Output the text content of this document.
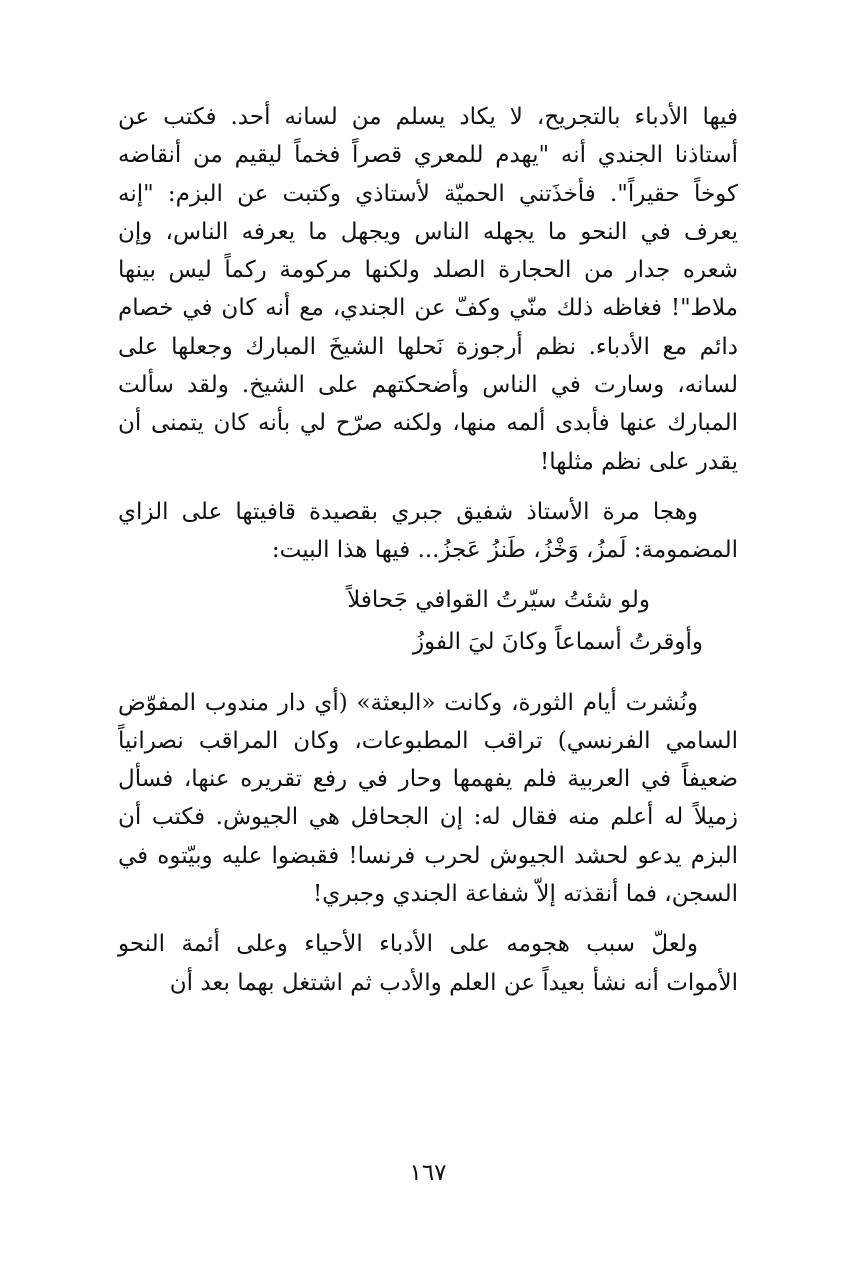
فيها الأدباء بالتجريح، لا يكاد يسلم من لسانه أحد. فكتب عن أستاذنا الجندي أنه "يهدم للمعري قصراً فخماً ليقيم من أنقاضه كوخاً حقيراً". فأخذَتني الحميّة لأستاذي وكتبت عن البزم: "إنه يعرف في النحو ما يجهله الناس ويجهل ما يعرفه الناس، وإن شعره جدار من الحجارة الصلد ولكنها مركومة ركماً ليس بينها ملاط"! فغاظه ذلك منّي وكفّ عن الجندي، مع أنه كان في خصام دائم مع الأدباء. نظم أرجوزة نَحلها الشيخَ المبارك وجعلها على لسانه، وسارت في الناس وأضحكتهم على الشيخ. ولقد سألت المبارك عنها فأبدى ألمه منها، ولكنه صرّح لي بأنه كان يتمنى أن يقدر على نظم مثلها!

وهجا مرة الأستاذ شفيق جبري بقصيدة قافيتها على الزاي المضمومة: لَمزُ، وَخْزُ، طَنزُ عَجزُ... فيها هذا البيت:

ولو شئتُ سيّرتُ القوافي جَحافلاً
وأوقرتُ أسماعاً وكانَ ليَ الفوزُ

ونُشرت أيام الثورة، وكانت «البعثة» (أي دار مندوب المفوّض السامي الفرنسي) تراقب المطبوعات، وكان المراقب نصرانياً ضعيفاً في العربية فلم يفهمها وحار في رفع تقريره عنها، فسأل زميلاً له أعلم منه فقال له: إن الجحافل هي الجيوش. فكتب أن البزم يدعو لحشد الجيوش لحرب فرنسا! فقبضوا عليه وبيّتوه في السجن، فما أنقذته إلاّ شفاعة الجندي وجبري!

ولعلّ سبب هجومه على الأدباء الأحياء وعلى أئمة النحو الأموات أنه نشأ بعيداً عن العلم والأدب ثم اشتغل بهما بعد أن

١٦٧
